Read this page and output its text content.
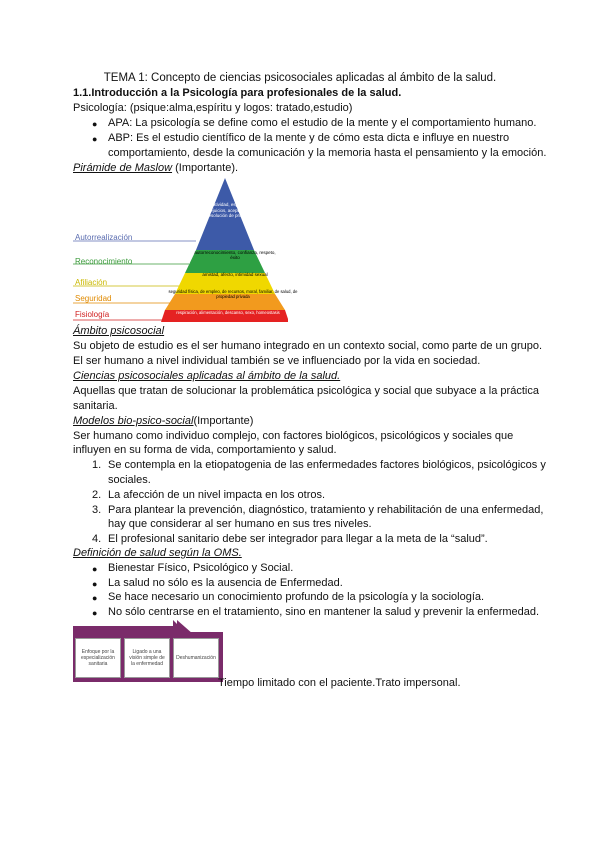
TEMA 1: Concepto de ciencias psicosociales aplicadas al ámbito de la salud.
1.1.Introducción a la Psicología para profesionales de la salud.
Psicología: (psique:alma,espíritu y logos: tratado,estudio)
● APA: La psicología se define como el estudio de la mente y el comportamiento humano.
● ABP: Es el estudio científico de la mente y de cómo esta dicta e influye en nuestro
comportamiento, desde la comunicación y la memoria hasta el pensamiento y la emoción.
Pirámide de Maslow (Importante).
moralidad, creatividad, espontaneidad, falta de prejuicios, aceptación de hechos, resolución de problemas
autorreconocimiento, confianza, respeto, éxito
amistad, afecto, intimidad sexual
seguridad física, de empleo, de recursos, moral, familiar, de salud, de propiedad privada
respiración, alimentación, descanso, sexo, homeostasis
Autorrealización
Reconocimiento
Afiliación
Seguridad
Fisiología
Ámbito psicosocial
Su objeto de estudio es el ser humano integrado en un contexto social, como parte de un grupo.
El ser humano a nivel individual también se ve influenciado por la vida en sociedad.
Ciencias psicosociales aplicadas al ámbito de la salud.
Aquellas que tratan de solucionar la problemática psicológica y social que subyace a la práctica
sanitaria.
Modelos bio-psico-social(Importante)
Ser humano como individuo complejo, con factores biológicos, psicológicos y sociales que
influyen en su forma de vida, comportamiento y salud.
1. Se contempla en la etiopatogenia de las enfermedades factores biológicos, psicológicos y
sociales.
2. La afección de un nivel impacta en los otros.
3. Para plantear la prevención, diagnóstico, tratamiento y rehabilitación de una enfermedad,
hay que considerar al ser humano en sus tres niveles.
4. El profesional sanitario debe ser integrador para llegar a la meta de la “salud”.
Definición de salud según la OMS.
● Bienestar Físico, Psicológico y Social.
● La salud no sólo es la ausencia de Enfermedad.
● Se hace necesario un conocimiento profundo de la psicología y la sociología.
● No sólo centrarse en el tratamiento, sino en mantener la salud y prevenir la enfermedad.
Enfoque por la especialización sanitaria
Ligado a una visión simple de la enfermedad
Deshumanización
Tiempo limitado con el paciente.Trato impersonal.
